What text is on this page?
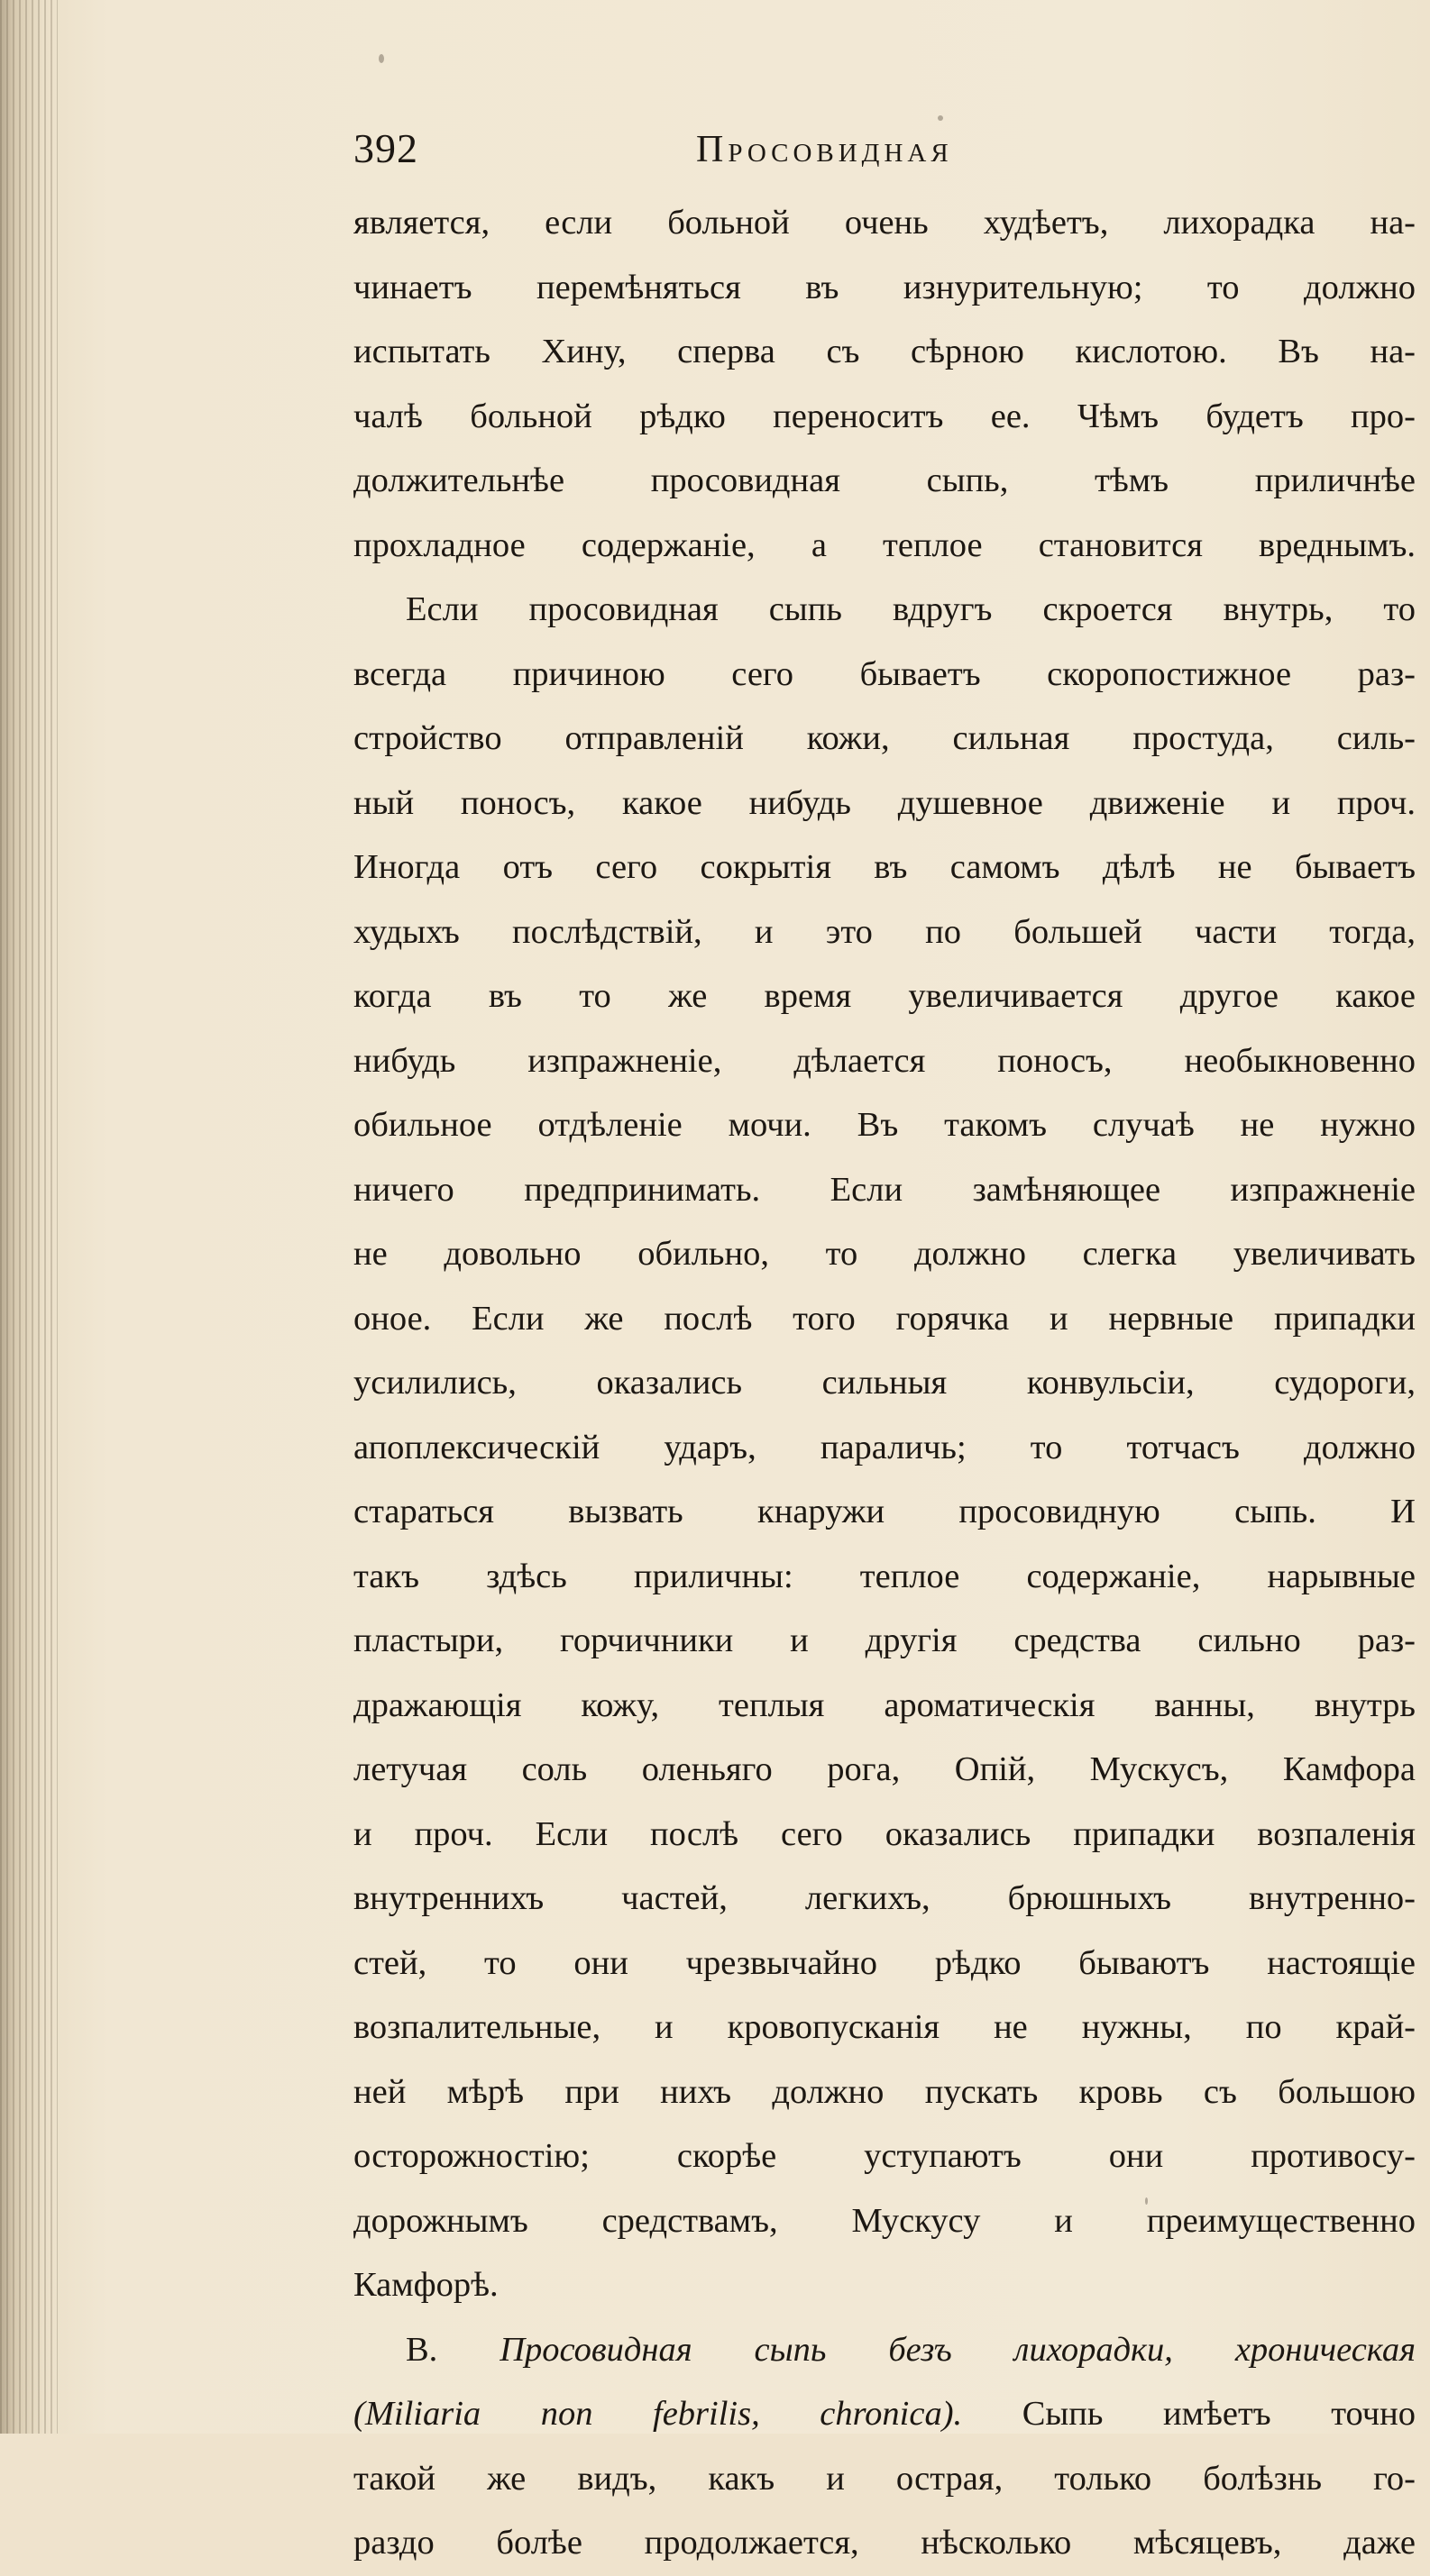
392	Просовидная
является, если больной очень худѣетъ, лихорадка на-
чинаетъ перемѣняться въ изнурительную; то должно
испытать Хину, сперва съ сѣрною кислотою. Въ на-
чалѣ больной рѣдко переноситъ ее. Чѣмъ будетъ про-
должительнѣе просовидная сыпь, тѣмъ приличнѣе
прохладное содержаніе, а теплое становится вреднымъ.
Если просовидная сыпь вдругъ скроется внутрь, то
всегда причиною сего бываетъ скоропостижное раз-
стройство отправленій кожи, сильная простуда, силь-
ный поносъ, какое нибудь душевное движеніе и проч.
Иногда отъ сего сокрытія въ самомъ дѣлѣ не бываетъ
худыхъ послѣдствій, и это по большей части тогда,
когда въ то же время увеличивается другое какое
нибудь изпражненіе, дѣлается поносъ, необыкновенно
обильное отдѣленіе мочи. Въ такомъ случаѣ не нужно
ничего предпринимать. Если замѣняющее изпражненіе
не довольно обильно, то должно слегка увеличивать
оное. Если же послѣ того горячка и нервные припадки
усилились, оказались сильныя конвульсіи, судороги,
апоплексическій ударъ, параличь; то тотчасъ должно
стараться вызвать кнаружи просовидную сыпь. И
такъ здѣсь приличны: теплое содержаніе, нарывные
пластыри, горчичники и другія средства сильно раз-
дражающія кожу, теплыя ароматическія ванны, внутрь
летучая соль оленьяго рога, Опій, Мускусъ, Камфора
и проч. Если послѣ сего оказались припадки возпаленія
внутреннихъ частей, легкихъ, брюшныхъ внутренно-
стей, то они чрезвычайно рѣдко бываютъ настоящіе
возпалительные, и кровопусканія не нужны, по край-
ней мѣрѣ при нихъ должно пускать кровь съ большою
осторожностію; скорѣе уступаютъ они противосу-
дорожнымъ средствамъ, Мускусу и преимущественно
Камфорѣ.
В. Просовидная сыпь безъ лихорадки, хроническая
(Miliaria non febrilis, chronica). Сыпь имѣетъ точно
такой же видъ, какъ и острая, только болѣзнь го-
раздо болѣе продолжается, нѣсколько мѣсяцевъ, даже
